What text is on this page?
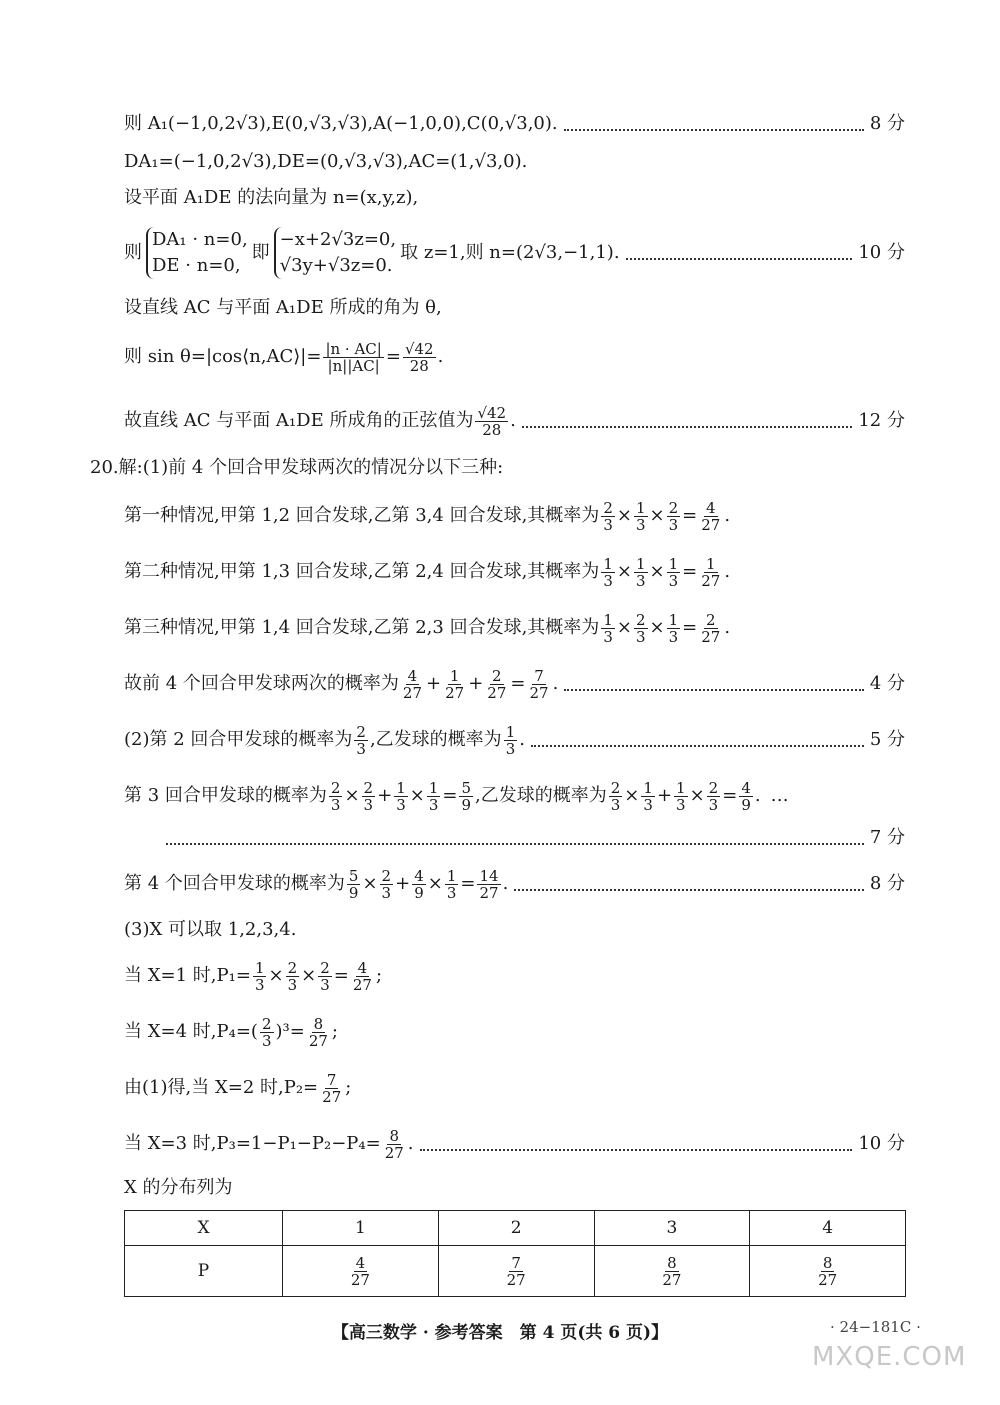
则 A₁(−1,0,2√3),E(0,√3,√3),A(−1,0,0),C(0,√3,0).	8 分
DA₁=(−1,0,2√3),DE=(0,√3,√3),AC=(1,√3,0).
设平面 A₁DE 的法向量为 n=(x,y,z),
则
DA₁ · n=0,
DE · n=0,
即
−x+2√3z=0,
√3y+√3z=0.
取 z=1,则 n=(2√3,−1,1).	10 分
设直线 AC 与平面 A₁DE 所成的角为 θ,
则 sin θ=|cos⟨n,AC⟩|= $\frac{|n \cdot AC|}{|n||AC|} = \frac{√42}{28}$ .
故直线 AC 与平面 A₁DE 所成角的正弦值为 $\frac{√42}{28}$ .	12 分
20.解:(1)前 4 个回合甲发球两次的情况分以下三种:
第一种情况,甲第 1,2 回合发球,乙第 3,4 回合发球,其概率为 $\frac{2}{3} \times \frac{1}{3} \times \frac{2}{3} = \frac{4}{27}$ .
第二种情况,甲第 1,3 回合发球,乙第 2,4 回合发球,其概率为 $\frac{1}{3} \times \frac{1}{3} \times \frac{1}{3} = \frac{1}{27}$ .
第三种情况,甲第 1,4 回合发球,乙第 2,3 回合发球,其概率为 $\frac{1}{3} \times \frac{2}{3} \times \frac{1}{3} = \frac{2}{27}$ .
故前 4 个回合甲发球两次的概率为 $\frac{4}{27} + \frac{1}{27} + \frac{2}{27} = \frac{7}{27}$ .	4 分
(2)第 2 回合甲发球的概率为 $\frac{2}{3}$ ,乙发球的概率为 $\frac{1}{3}$ .	5 分
第 3 回合甲发球的概率为 $\frac{2}{3} \times \frac{2}{3} + \frac{1}{3} \times \frac{1}{3} = \frac{5}{9}$ ,乙发球的概率为 $\frac{2}{3} \times \frac{1}{3} + \frac{1}{3} \times \frac{2}{3} = \frac{4}{9}$ . …
7 分
第 4 个回合甲发球的概率为 $\frac{5}{9} \times \frac{2}{3} + \frac{4}{9} \times \frac{1}{3} = \frac{14}{27}$ .	8 分
(3)X 可以取 1,2,3,4.
当 X=1 时$,P_1= \frac{1}{3} \times \frac{2}{3} \times \frac{2}{3} = \frac{4}{27}$ ;
当 X=4 时$,P_4=( \frac{2}{3} )^3= \frac{8}{27}$ ;
由(1)得,当 X=2 时$,P_2= \frac{7}{27}$ ;
当 X=3 时$,P_3=1-P_1-P_2-P_4= \frac{8}{27}$ .	10 分
X 的分布列为
X	1	2	3	4
P	$\frac{4}{27}$	$\frac{7}{27}$	$\frac{8}{27}$	$\frac{8}{27}$
【高三数学 · 参考答案　第 4 页(共 6 页)】	· 24−181C ·
MXQE.COM
